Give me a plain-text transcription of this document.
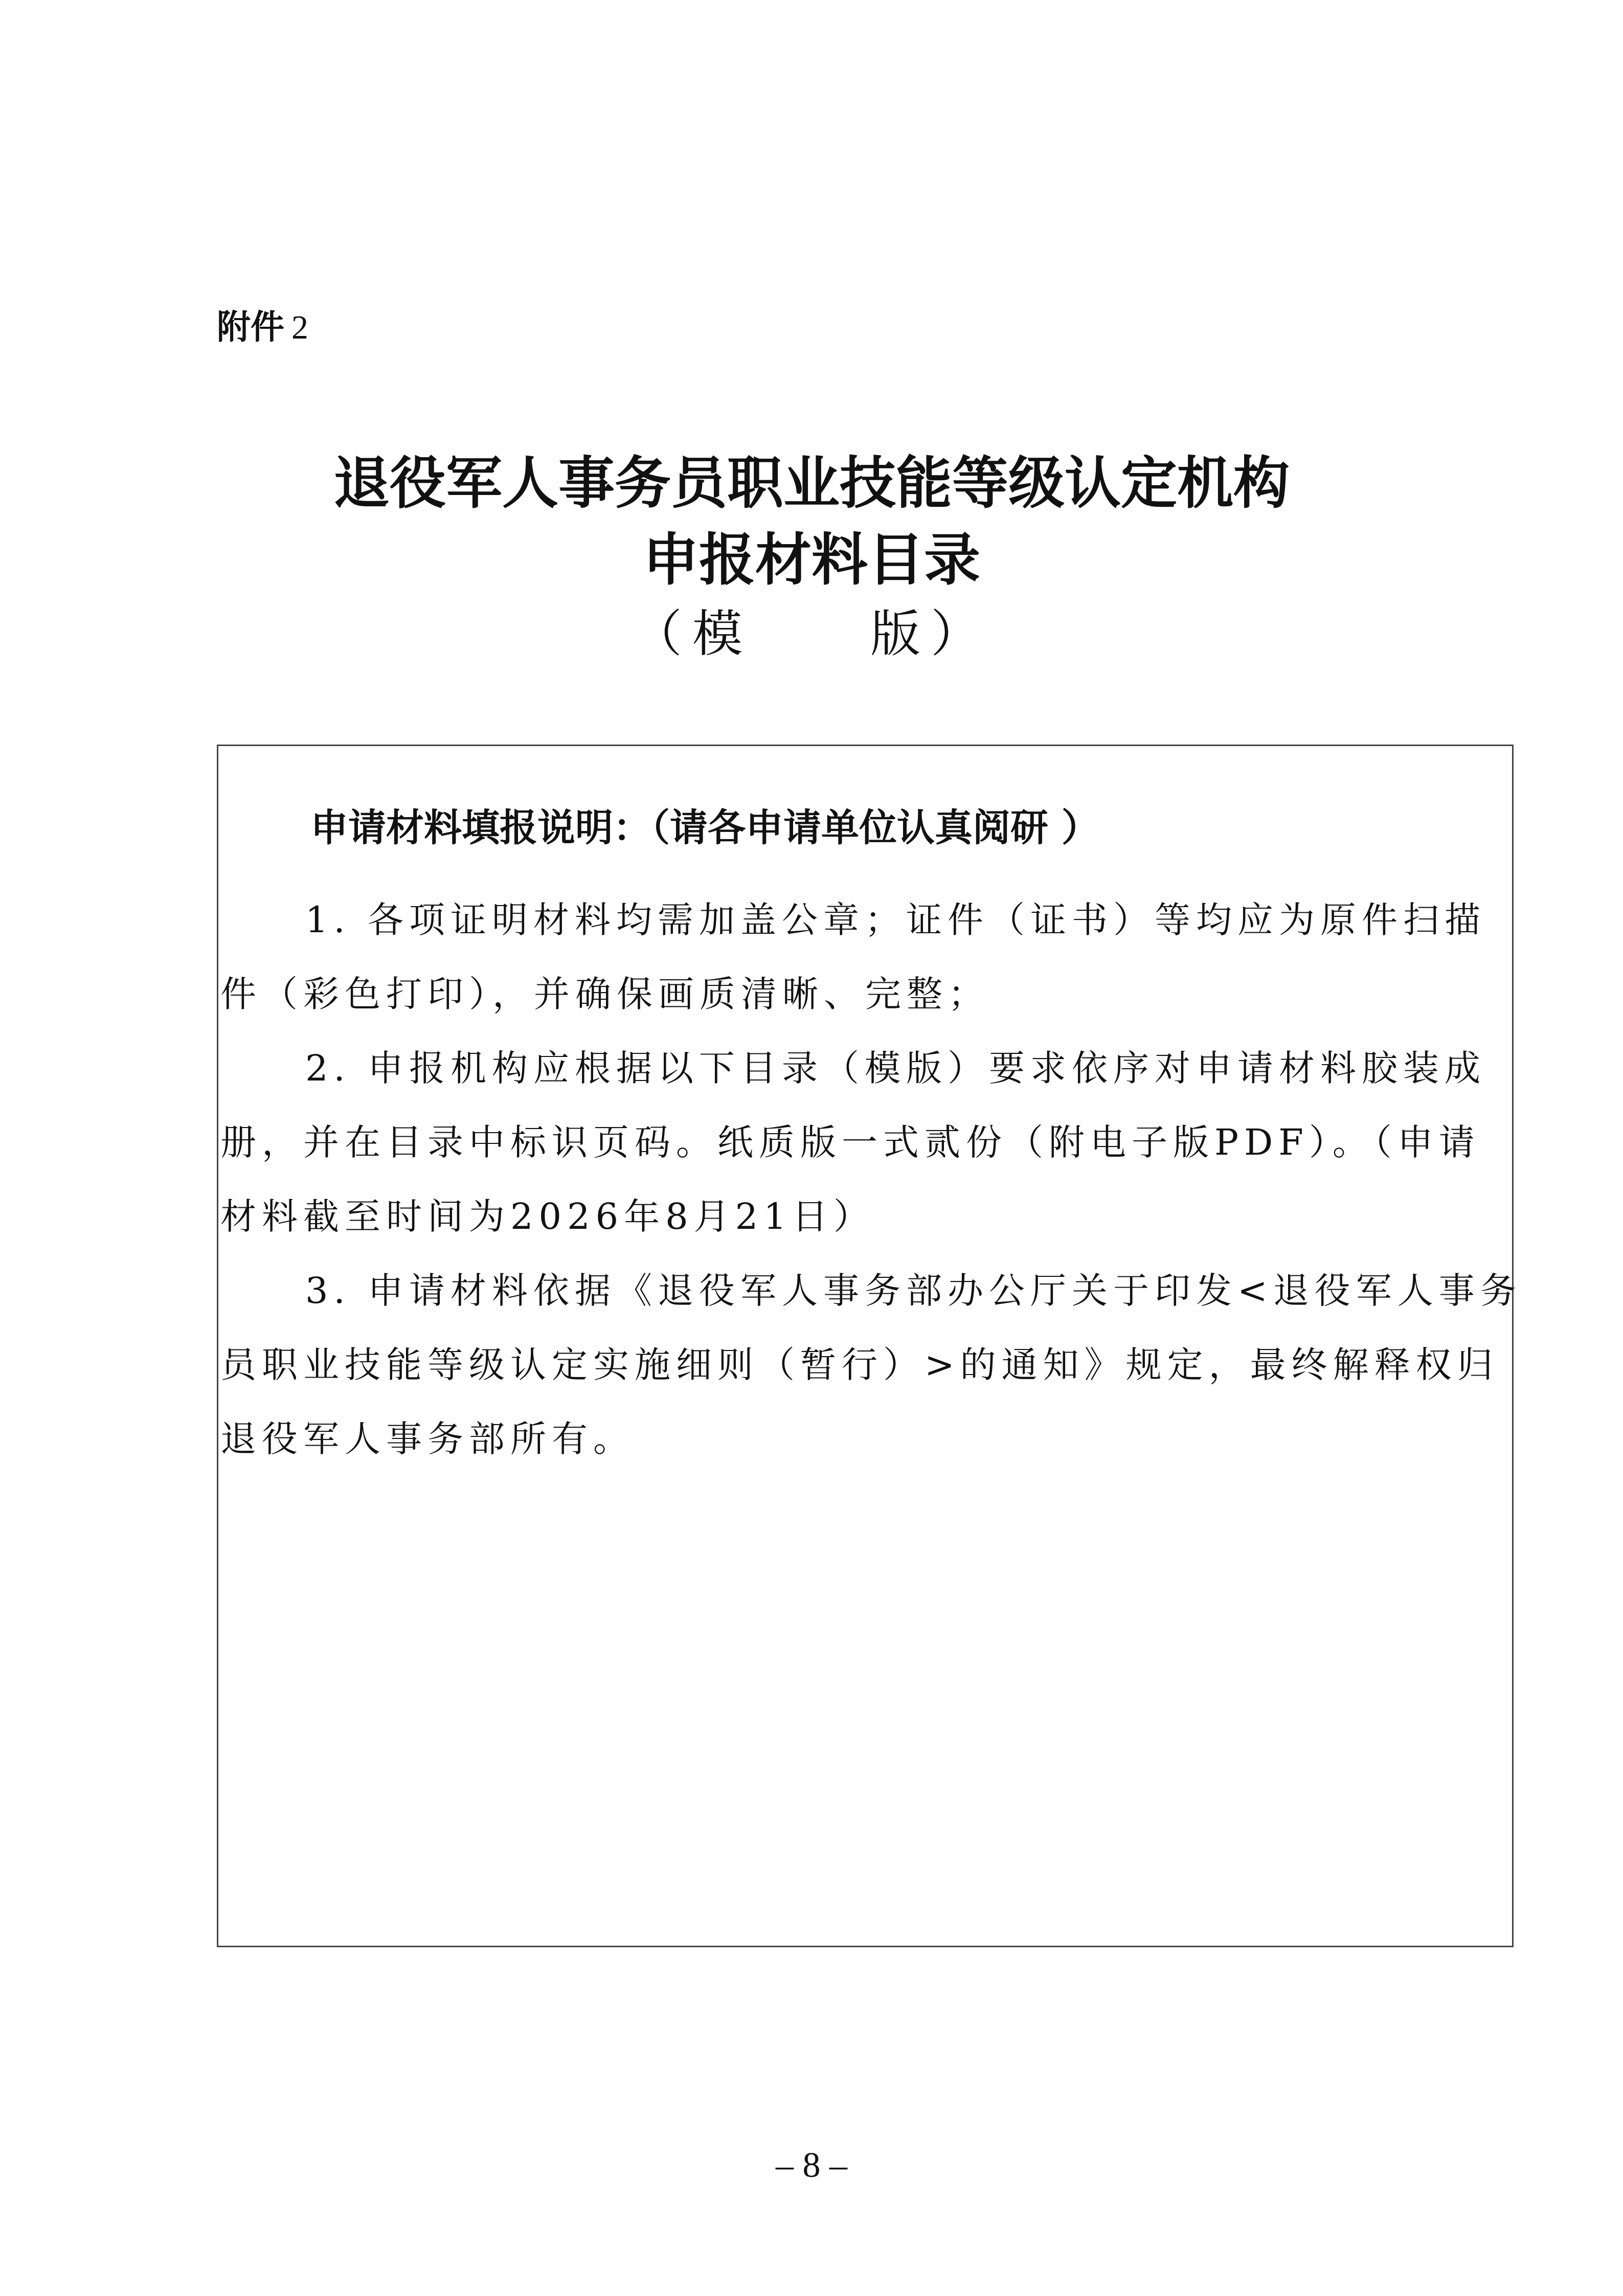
附件 2
退役军人事务员职业技能等级认定机构
申报材料目录
（模 版）
申请材料填报说明：（请各申请单位认真阅研 ）
1. 各项证明材料均需加盖公章；证件（证书）等均应为原件扫描
件（彩色打印），并确保画质清晰、完整；
2. 申报机构应根据以下目录（模版）要求依序对申请材料胶装成
册，并在目录中标识页码。纸质版一式贰份（附电子版PDF）。（申请
材料截至时间为2026年8月21日）
3. 申请材料依据《退役军人事务部办公厅关于印发<退役军人事务
员职业技能等级认定实施细则（暂行）>的通知》规定，最终解释权归
退役军人事务部所有。
– 8 –
